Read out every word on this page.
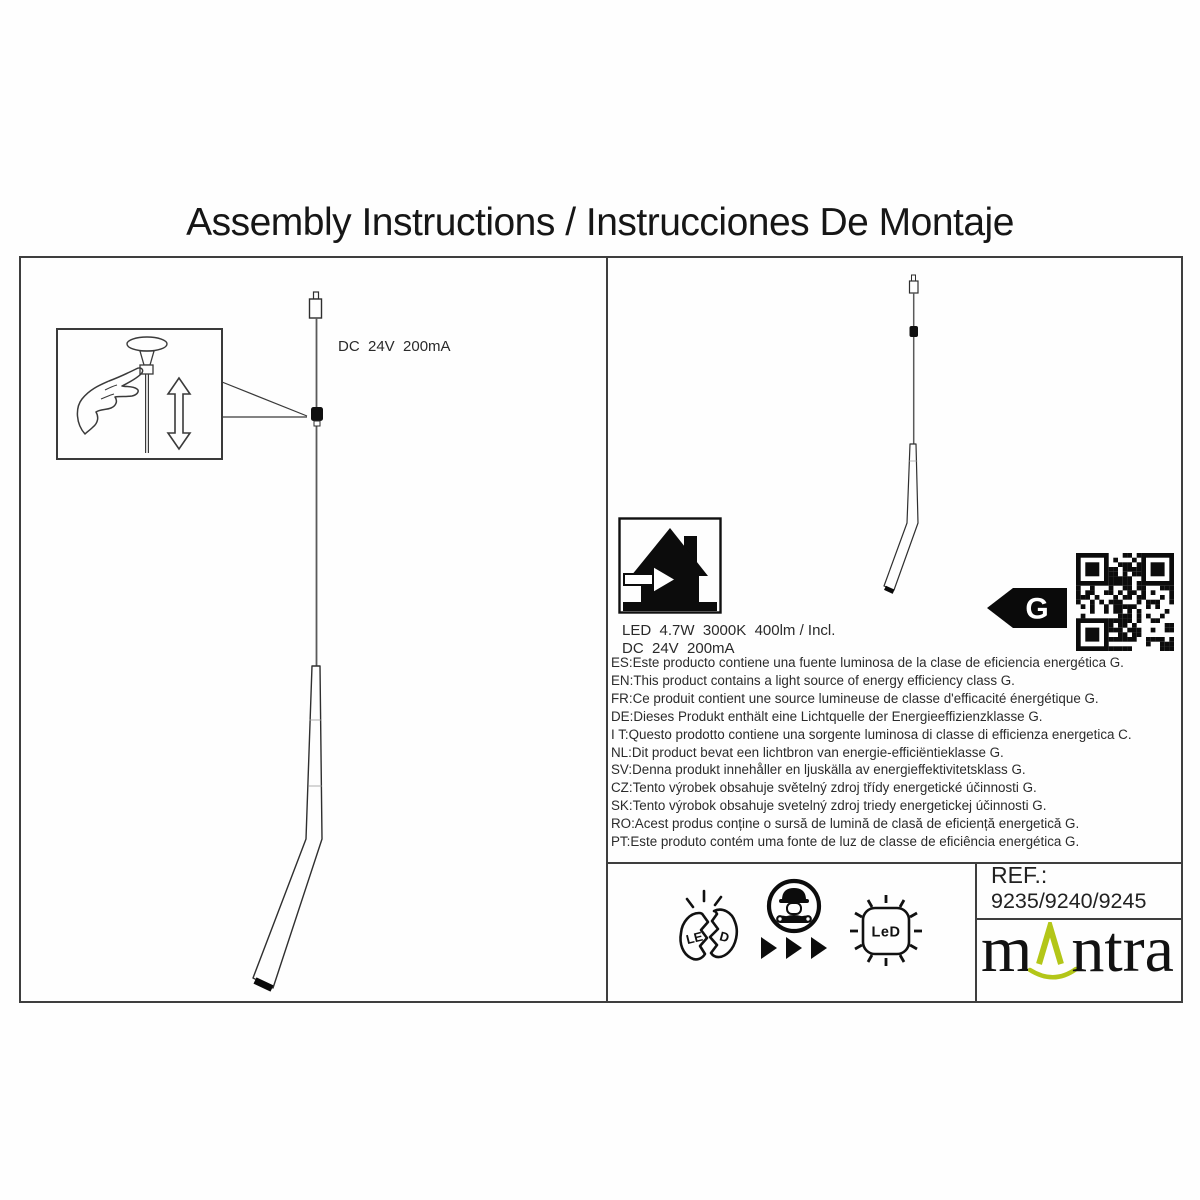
Assembly Instructions / Instrucciones De Montaje
DC  24V  200mA
LED  4.7W  3000K  400lm / Incl.
DC  24V  200mA
G
ES:Este producto contiene una fuente luminosa de la clase de eficiencia energética G.
EN:This product contains a light source of energy efficiency class G.
FR:Ce produit contient une source lumineuse de classe d'efficacité énergétique G.
DE:Dieses Produkt enthält eine Lichtquelle der Energieeffizienzklasse G.
I T:Questo prodotto contiene una sorgente luminosa di classe di efficienza energetica C.
NL:Dit product bevat een lichtbron van energie-efficiëntieklasse G.
SV:Denna produkt innehåller en ljuskälla av energieffektivitetsklass G.
CZ:Tento výrobek obsahuje světelný zdroj třídy energetické účinnosti G.
SK:Tento výrobok obsahuje svetelný zdroj triedy energetickej účinnosti G.
RO:Acest produs conține o sursă de lumină de clasă de eficiență energetică G.
PT:Este produto contém uma fonte de luz de classe de eficiência energética G.
LE D	LeD
REF.:
9235/9240/9245
m ntra
